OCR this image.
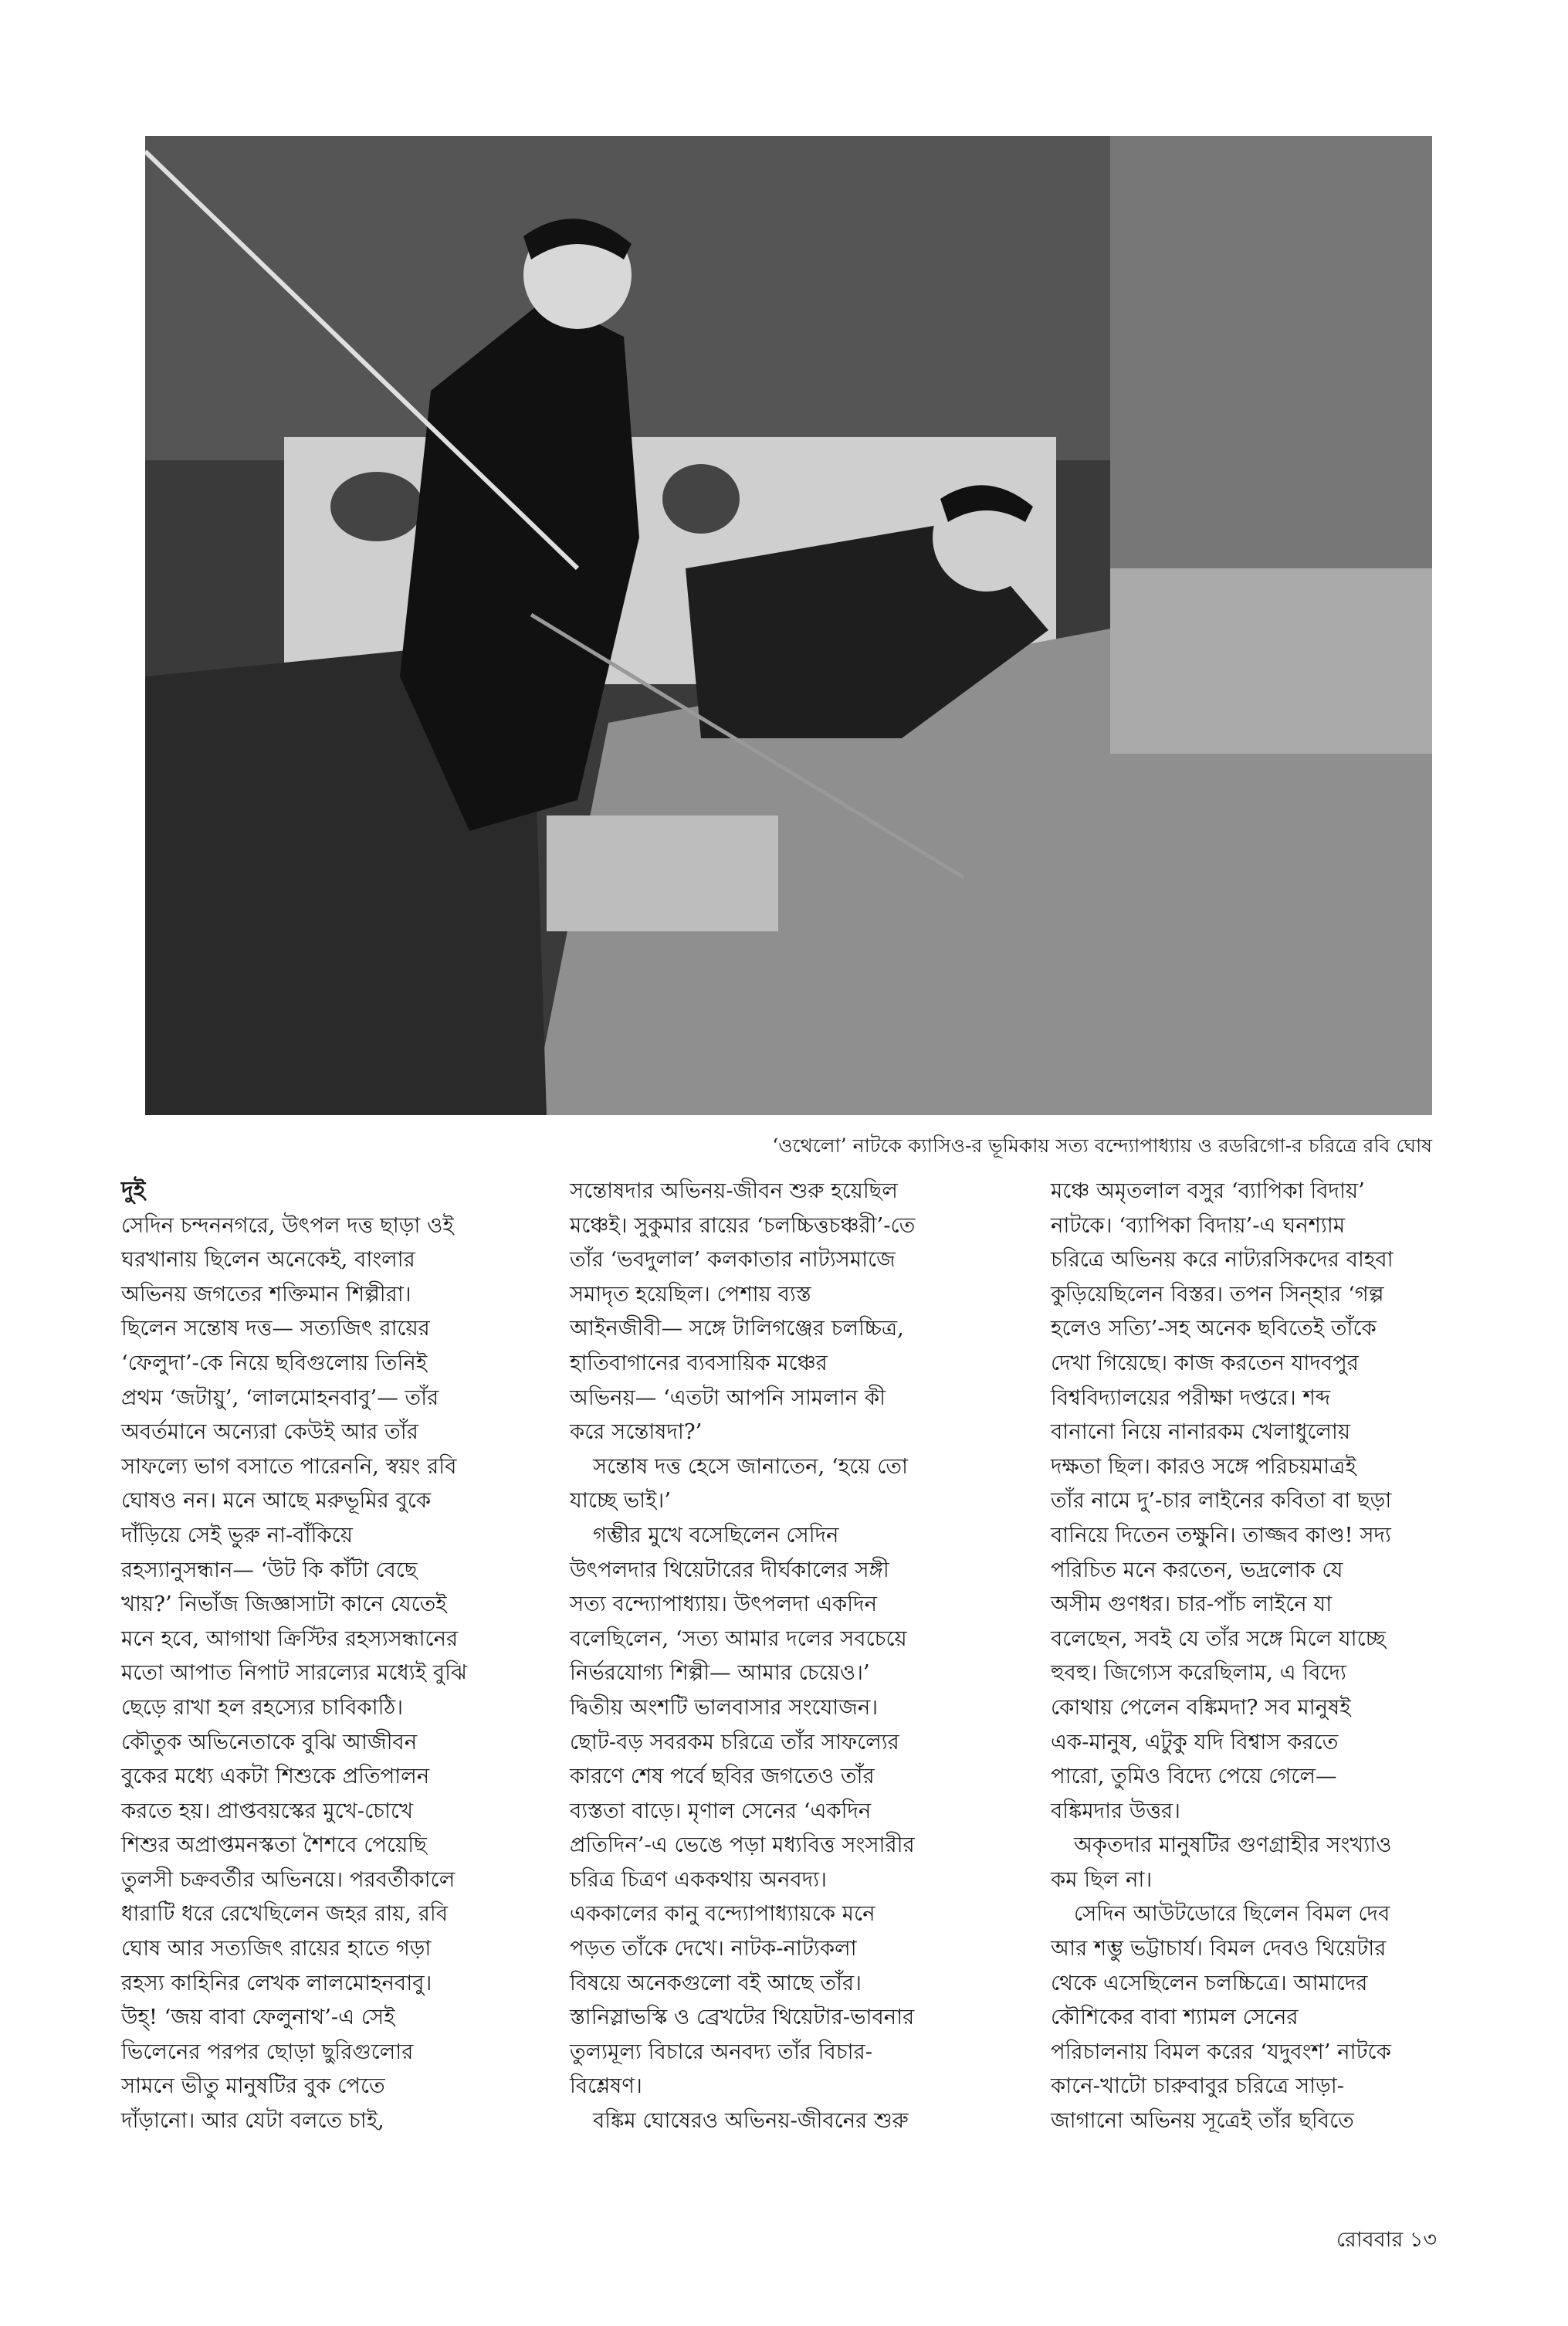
‘ওথেলো’ নাটকে ক্যাসিও-র ভূমিকায় সত্য বন্দ্যোপাধ্যায় ও রডরিগো-র চরিত্রে রবি ঘোষ

দুই

সেদিন চন্দননগরে, উৎপল দত্ত ছাড়া ওই

ঘরখানায় ছিলেন অনেকেই, বাংলার

অভিনয় জগতের শক্তিমান শিল্পীরা।

ছিলেন সন্তোষ দত্ত— সত্যজিৎ রায়ের

‘ফেলুদা’-কে নিয়ে ছবিগুলোয় তিনিই

প্রথম ‘জটায়ু’, ‘লালমোহনবাবু’— তাঁর

অবর্তমানে অন্যেরা কেউই আর তাঁর

সাফল্যে ভাগ বসাতে পারেননি, স্বয়ং রবি

ঘোষও নন। মনে আছে মরুভূমির বুকে

দাঁড়িয়ে সেই ভুরু না-বাঁকিয়ে

রহস্যানুসন্ধান— ‘উট কি কাঁটা বেছে

খায়?’ নিভাঁজ জিজ্ঞাসাটা কানে যেতেই

মনে হবে, আগাথা ক্রিস্টির রহস্যসন্ধানের

মতো আপাত নিপাট সারল্যের মধ্যেই বুঝি

ছেড়ে রাখা হল রহস্যের চাবিকাঠি।

কৌতুক অভিনেতাকে বুঝি আজীবন

বুকের মধ্যে একটা শিশুকে প্রতিপালন

করতে হয়। প্রাপ্তবয়স্কের মুখে-চোখে

শিশুর অপ্রাপ্তমনস্কতা শৈশবে পেয়েছি

তুলসী চক্রবর্তীর অভিনয়ে। পরবর্তীকালে

ধারাটি ধরে রেখেছিলেন জহর রায়, রবি

ঘোষ আর সত্যজিৎ রায়ের হাতে গড়া

রহস্য কাহিনির লেখক লালমোহনবাবু।

উহ্! ‘জয় বাবা ফেলুনাথ’-এ সেই

ভিলেনের পরপর ছোড়া ছুরিগুলোর

সামনে ভীতু মানুষটির বুক পেতে

দাঁড়ানো। আর যেটা বলতে চাই,

সন্তোষদার অভিনয়-জীবন শুরু হয়েছিল

মঞ্চেই। সুকুমার রায়ের ‘চলচ্চিত্তচঞ্চরী’-তে

তাঁর ‘ভবদুলাল’ কলকাতার নাট্যসমাজে

সমাদৃত হয়েছিল। পেশায় ব্যস্ত

আইনজীবী— সঙ্গে টালিগঞ্জের চলচ্চিত্র,

হাতিবাগানের ব্যবসায়িক মঞ্চের

অভিনয়— ‘এতটা আপনি সামলান কী

করে সন্তোষদা?’

সন্তোষ দত্ত হেসে জানাতেন, ‘হয়ে তো

যাচ্ছে ভাই।’

গম্ভীর মুখে বসেছিলেন সেদিন

উৎপলদার থিয়েটারের দীর্ঘকালের সঙ্গী

সত্য বন্দ্যোপাধ্যায়। উৎপলদা একদিন

বলেছিলেন, ‘সত্য আমার দলের সবচেয়ে

নির্ভরযোগ্য শিল্পী— আমার চেয়েও।’

দ্বিতীয় অংশটি ভালবাসার সংযোজন।

ছোট-বড় সবরকম চরিত্রে তাঁর সাফল্যের

কারণে শেষ পর্বে ছবির জগতেও তাঁর

ব্যস্ততা বাড়ে। মৃণাল সেনের ‘একদিন

প্রতিদিন’-এ ভেঙে পড়া মধ্যবিত্ত সংসারীর

চরিত্র চিত্রণ এককথায় অনবদ্য।

এককালের কানু বন্দ্যোপাধ্যায়কে মনে

পড়ত তাঁকে দেখে। নাটক-নাট্যকলা

বিষয়ে অনেকগুলো বই আছে তাঁর।

স্তানিস্লাভস্কি ও ব্রেখটের থিয়েটার-ভাবনার

তুল্যমূল্য বিচারে অনবদ্য তাঁর বিচার-

বিশ্লেষণ।

বঙ্কিম ঘোষেরও অভিনয়-জীবনের শুরু

মঞ্চে অমৃতলাল বসুর ‘ব্যাপিকা বিদায়’

নাটকে। ‘ব্যাপিকা বিদায়’-এ ঘনশ্যাম

চরিত্রে অভিনয় করে নাট্যরসিকদের বাহবা

কুড়িয়েছিলেন বিস্তর। তপন সিন্‌হার ‘গল্প

হলেও সত্যি’-সহ অনেক ছবিতেই তাঁকে

দেখা গিয়েছে। কাজ করতেন যাদবপুর

বিশ্ববিদ্যালয়ের পরীক্ষা দপ্তরে। শব্দ

বানানো নিয়ে নানারকম খেলাধুলোয়

দক্ষতা ছিল। কারও সঙ্গে পরিচয়মাত্রই

তাঁর নামে দু’-চার লাইনের কবিতা বা ছড়া

বানিয়ে দিতেন তক্ষুনি। তাজ্জব কাণ্ড! সদ্য

পরিচিত মনে করতেন, ভদ্রলোক যে

অসীম গুণধর। চার-পাঁচ লাইনে যা

বলেছেন, সবই যে তাঁর সঙ্গে মিলে যাচ্ছে

হুবহু। জিগ্যেস করেছিলাম, এ বিদ্যে

কোথায় পেলেন বঙ্কিমদা? সব মানুষই

এক-মানুষ, এটুকু যদি বিশ্বাস করতে

পারো, তুমিও বিদ্যে পেয়ে গেলে—

বঙ্কিমদার উত্তর।

অকৃতদার মানুষটির গুণগ্রাহীর সংখ্যাও

কম ছিল না।

সেদিন আউটডোরে ছিলেন বিমল দেব

আর শম্ভু ভট্টাচার্য। বিমল দেবও থিয়েটার

থেকে এসেছিলেন চলচ্চিত্রে। আমাদের

কৌশিকের বাবা শ্যামল সেনের

পরিচালনায় বিমল করের ‘যদুবংশ’ নাটকে

কানে-খাটো চারুবাবুর চরিত্রে সাড়া-

জাগানো অভিনয় সূত্রেই তাঁর ছবিতে

রোববার ১৩
